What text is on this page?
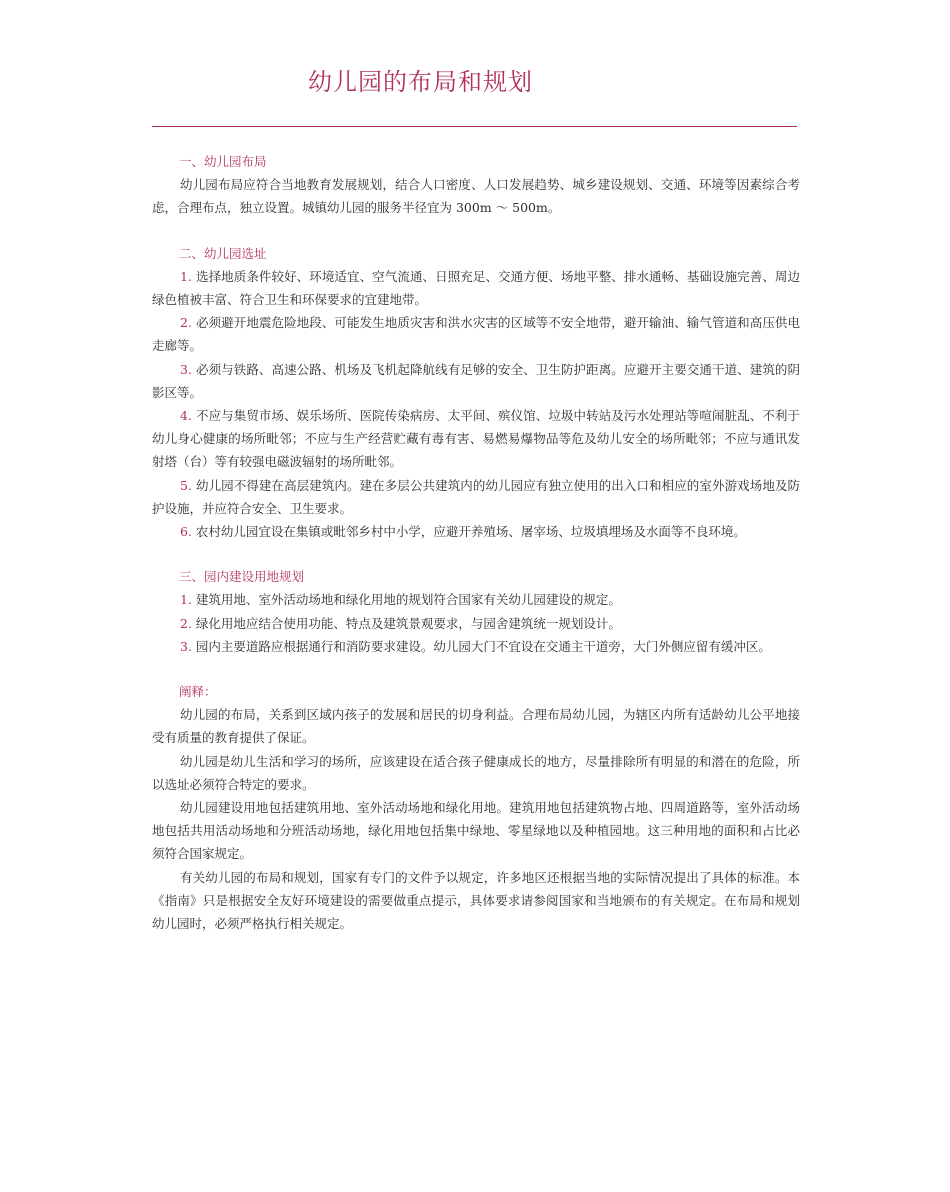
幼儿园的布局和规划
一、幼儿园布局
幼儿园布局应符合当地教育发展规划，结合人口密度、人口发展趋势、城乡建设规划、交通、环境等因素综合考虑，合理布点，独立设置。城镇幼儿园的服务半径宜为 300m ～ 500m。
二、幼儿园选址
1. 选择地质条件较好、环境适宜、空气流通、日照充足、交通方便、场地平整、排水通畅、基础设施完善、周边绿色植被丰富、符合卫生和环保要求的宜建地带。
2. 必须避开地震危险地段、可能发生地质灾害和洪水灾害的区域等不安全地带，避开输油、输气管道和高压供电走廊等。
3. 必须与铁路、高速公路、机场及飞机起降航线有足够的安全、卫生防护距离。应避开主要交通干道、建筑的阴影区等。
4. 不应与集贸市场、娱乐场所、医院传染病房、太平间、殡仪馆、垃圾中转站及污水处理站等喧闹脏乱、不利于幼儿身心健康的场所毗邻；不应与生产经营贮藏有毒有害、易燃易爆物品等危及幼儿安全的场所毗邻；不应与通讯发射塔（台）等有较强电磁波辐射的场所毗邻。
5. 幼儿园不得建在高层建筑内。建在多层公共建筑内的幼儿园应有独立使用的出入口和相应的室外游戏场地及防护设施，并应符合安全、卫生要求。
6. 农村幼儿园宜设在集镇或毗邻乡村中小学，应避开养殖场、屠宰场、垃圾填埋场及水面等不良环境。
三、园内建设用地规划
1. 建筑用地、室外活动场地和绿化用地的规划符合国家有关幼儿园建设的规定。
2. 绿化用地应结合使用功能、特点及建筑景观要求，与园舍建筑统一规划设计。
3. 园内主要道路应根据通行和消防要求建设。幼儿园大门不宜设在交通主干道旁，大门外侧应留有缓冲区。
阐释：
幼儿园的布局，关系到区域内孩子的发展和居民的切身利益。合理布局幼儿园，为辖区内所有适龄幼儿公平地接受有质量的教育提供了保证。
幼儿园是幼儿生活和学习的场所，应该建设在适合孩子健康成长的地方，尽量排除所有明显的和潜在的危险，所以选址必须符合特定的要求。
幼儿园建设用地包括建筑用地、室外活动场地和绿化用地。建筑用地包括建筑物占地、四周道路等，室外活动场地包括共用活动场地和分班活动场地，绿化用地包括集中绿地、零星绿地以及种植园地。这三种用地的面积和占比必须符合国家规定。
有关幼儿园的布局和规划，国家有专门的文件予以规定，许多地区还根据当地的实际情况提出了具体的标准。本《指南》只是根据安全友好环境建设的需要做重点提示，具体要求请参阅国家和当地颁布的有关规定。在布局和规划幼儿园时，必须严格执行相关规定。
